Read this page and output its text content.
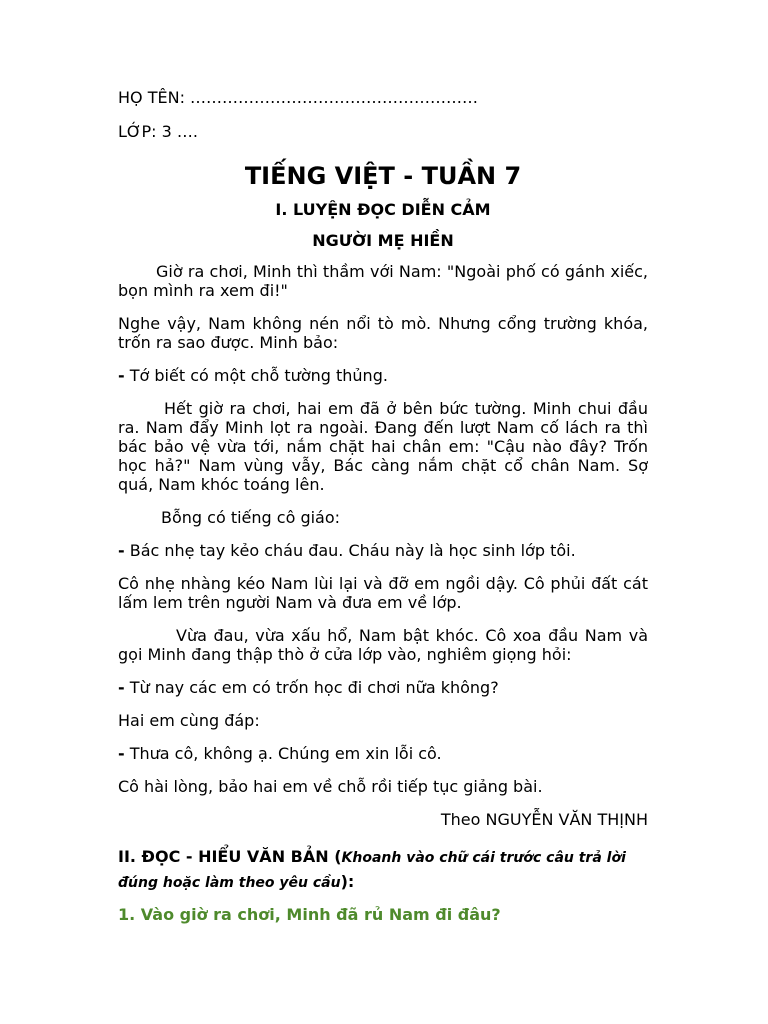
HỌ TÊN: ………………………………………………

LỚP: 3 ….

TIẾNG VIỆT - TUẦN 7
I. LUYỆN ĐỌC DIỄN CẢM
NGƯỜI MẸ HIỀN

Giờ ra chơi, Minh thì thầm với Nam: "Ngoài phố có gánh xiếc, bọn mình ra xem đi!"

Nghe vậy, Nam không nén nổi tò mò. Nhưng cổng trường khóa, trốn ra sao được. Minh bảo:

- Tớ biết có một chỗ tường thủng.

Hết giờ ra chơi, hai em đã ở bên bức tường. Minh chui đầu ra. Nam đẩy Minh lọt ra ngoài. Đang đến lượt Nam cố lách ra thì bác bảo vệ vừa tới, nắm chặt hai chân em: "Cậu nào đây? Trốn học hả?" Nam vùng vẫy, Bác càng nắm chặt cổ chân Nam. Sợ quá, Nam khóc toáng lên.

Bỗng có tiếng cô giáo:

- Bác nhẹ tay kẻo cháu đau. Cháu này là học sinh lớp tôi.

Cô nhẹ nhàng kéo Nam lùi lại và đỡ em ngồi dậy. Cô phủi đất cát lấm lem trên người Nam và đưa em về lớp.

Vừa đau, vừa xấu hổ, Nam bật khóc. Cô xoa đầu Nam và gọi Minh đang thập thò ở cửa lớp vào, nghiêm giọng hỏi:

- Từ nay các em có trốn học đi chơi nữa không?

Hai em cùng đáp:

- Thưa cô, không ạ. Chúng em xin lỗi cô.

Cô hài lòng, bảo hai em về chỗ rồi tiếp tục giảng bài.

Theo NGUYỄN VĂN THỊNH

II. ĐỌC - HIỂU VĂN BẢN (Khoanh vào chữ cái trước câu trả lời đúng hoặc làm theo yêu cầu):

1. Vào giờ ra chơi, Minh đã rủ Nam đi đâu?
